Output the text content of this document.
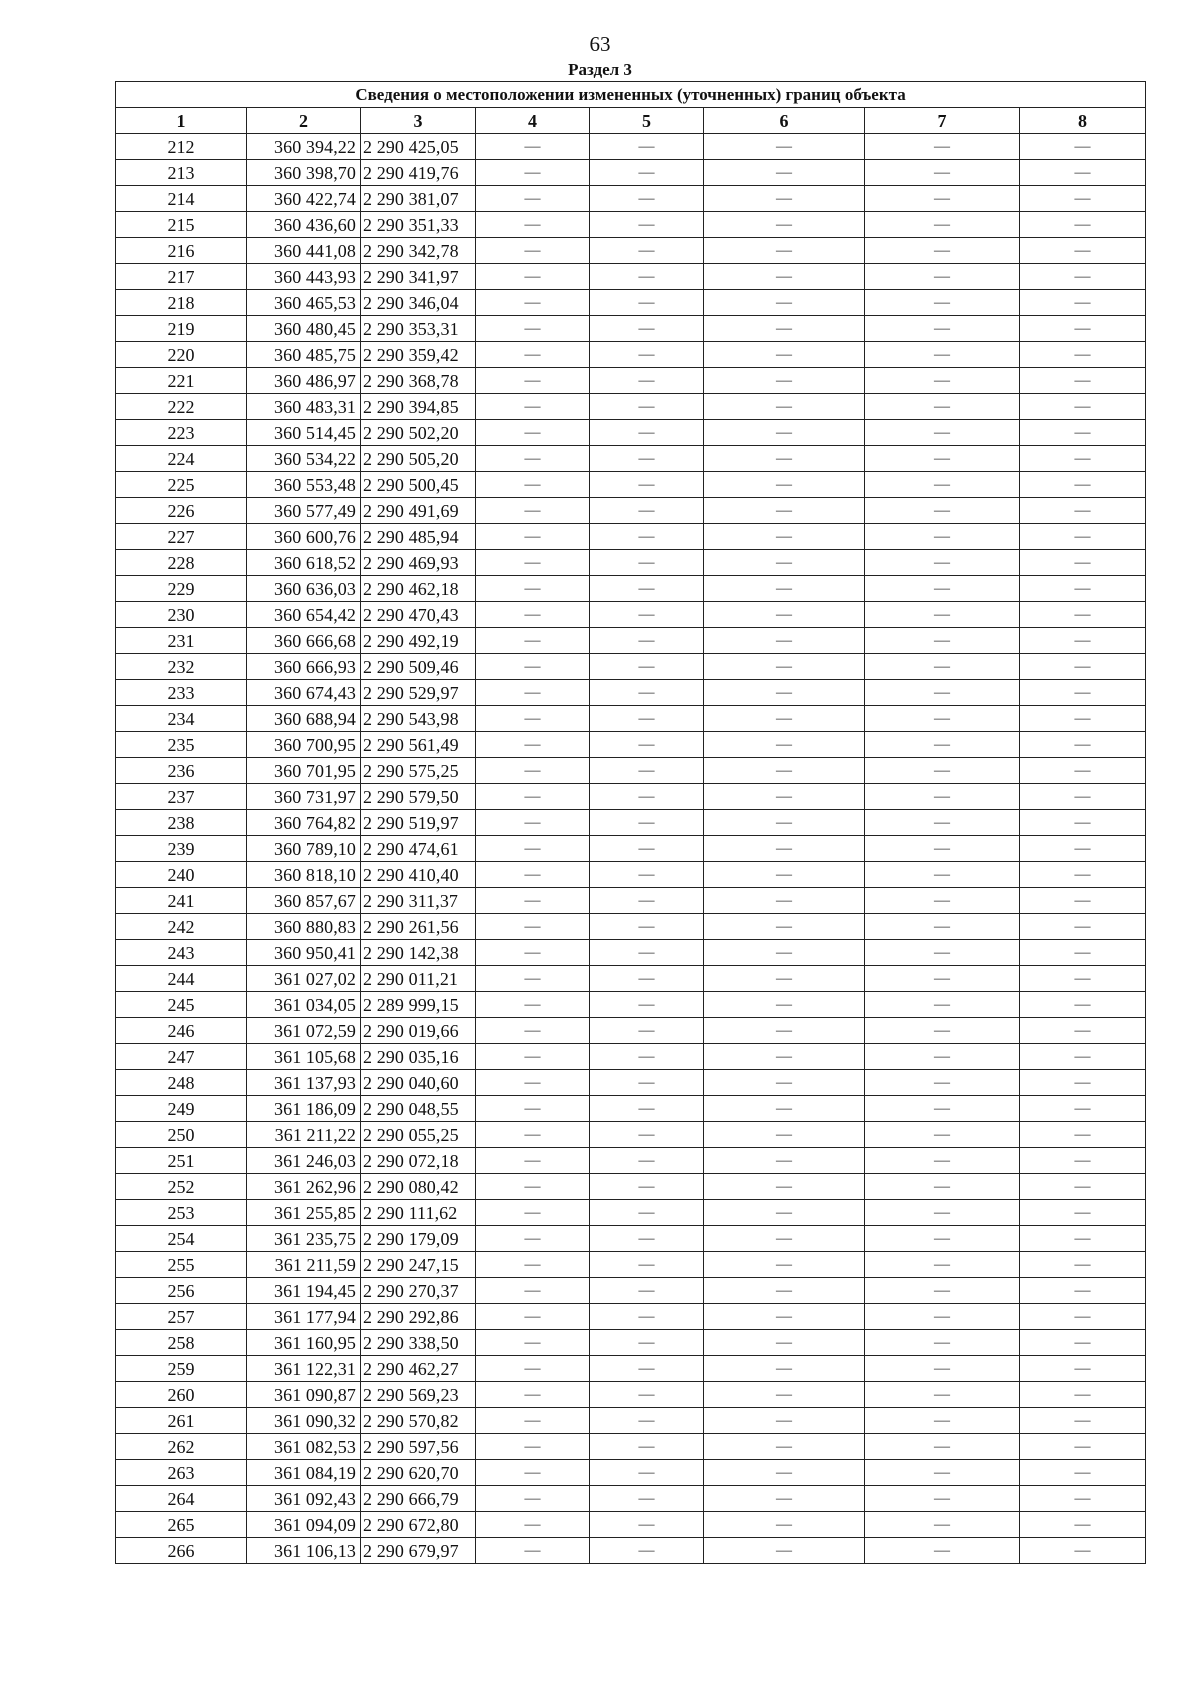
63
Раздел 3
Сведения о местоположении измененных (уточненных) границ объекта							
1	2	3	4	5	6	7	8
212	360 394,22	2 290 425,05	—	—	—	—	—
213	360 398,70	2 290 419,76	—	—	—	—	—
214	360 422,74	2 290 381,07	—	—	—	—	—
215	360 436,60	2 290 351,33	—	—	—	—	—
216	360 441,08	2 290 342,78	—	—	—	—	—
217	360 443,93	2 290 341,97	—	—	—	—	—
218	360 465,53	2 290 346,04	—	—	—	—	—
219	360 480,45	2 290 353,31	—	—	—	—	—
220	360 485,75	2 290 359,42	—	—	—	—	—
221	360 486,97	2 290 368,78	—	—	—	—	—
222	360 483,31	2 290 394,85	—	—	—	—	—
223	360 514,45	2 290 502,20	—	—	—	—	—
224	360 534,22	2 290 505,20	—	—	—	—	—
225	360 553,48	2 290 500,45	—	—	—	—	—
226	360 577,49	2 290 491,69	—	—	—	—	—
227	360 600,76	2 290 485,94	—	—	—	—	—
228	360 618,52	2 290 469,93	—	—	—	—	—
229	360 636,03	2 290 462,18	—	—	—	—	—
230	360 654,42	2 290 470,43	—	—	—	—	—
231	360 666,68	2 290 492,19	—	—	—	—	—
232	360 666,93	2 290 509,46	—	—	—	—	—
233	360 674,43	2 290 529,97	—	—	—	—	—
234	360 688,94	2 290 543,98	—	—	—	—	—
235	360 700,95	2 290 561,49	—	—	—	—	—
236	360 701,95	2 290 575,25	—	—	—	—	—
237	360 731,97	2 290 579,50	—	—	—	—	—
238	360 764,82	2 290 519,97	—	—	—	—	—
239	360 789,10	2 290 474,61	—	—	—	—	—
240	360 818,10	2 290 410,40	—	—	—	—	—
241	360 857,67	2 290 311,37	—	—	—	—	—
242	360 880,83	2 290 261,56	—	—	—	—	—
243	360 950,41	2 290 142,38	—	—	—	—	—
244	361 027,02	2 290 011,21	—	—	—	—	—
245	361 034,05	2 289 999,15	—	—	—	—	—
246	361 072,59	2 290 019,66	—	—	—	—	—
247	361 105,68	2 290 035,16	—	—	—	—	—
248	361 137,93	2 290 040,60	—	—	—	—	—
249	361 186,09	2 290 048,55	—	—	—	—	—
250	361 211,22	2 290 055,25	—	—	—	—	—
251	361 246,03	2 290 072,18	—	—	—	—	—
252	361 262,96	2 290 080,42	—	—	—	—	—
253	361 255,85	2 290 111,62	—	—	—	—	—
254	361 235,75	2 290 179,09	—	—	—	—	—
255	361 211,59	2 290 247,15	—	—	—	—	—
256	361 194,45	2 290 270,37	—	—	—	—	—
257	361 177,94	2 290 292,86	—	—	—	—	—
258	361 160,95	2 290 338,50	—	—	—	—	—
259	361 122,31	2 290 462,27	—	—	—	—	—
260	361 090,87	2 290 569,23	—	—	—	—	—
261	361 090,32	2 290 570,82	—	—	—	—	—
262	361 082,53	2 290 597,56	—	—	—	—	—
263	361 084,19	2 290 620,70	—	—	—	—	—
264	361 092,43	2 290 666,79	—	—	—	—	—
265	361 094,09	2 290 672,80	—	—	—	—	—
266	361 106,13	2 290 679,97	—	—	—	—	—
